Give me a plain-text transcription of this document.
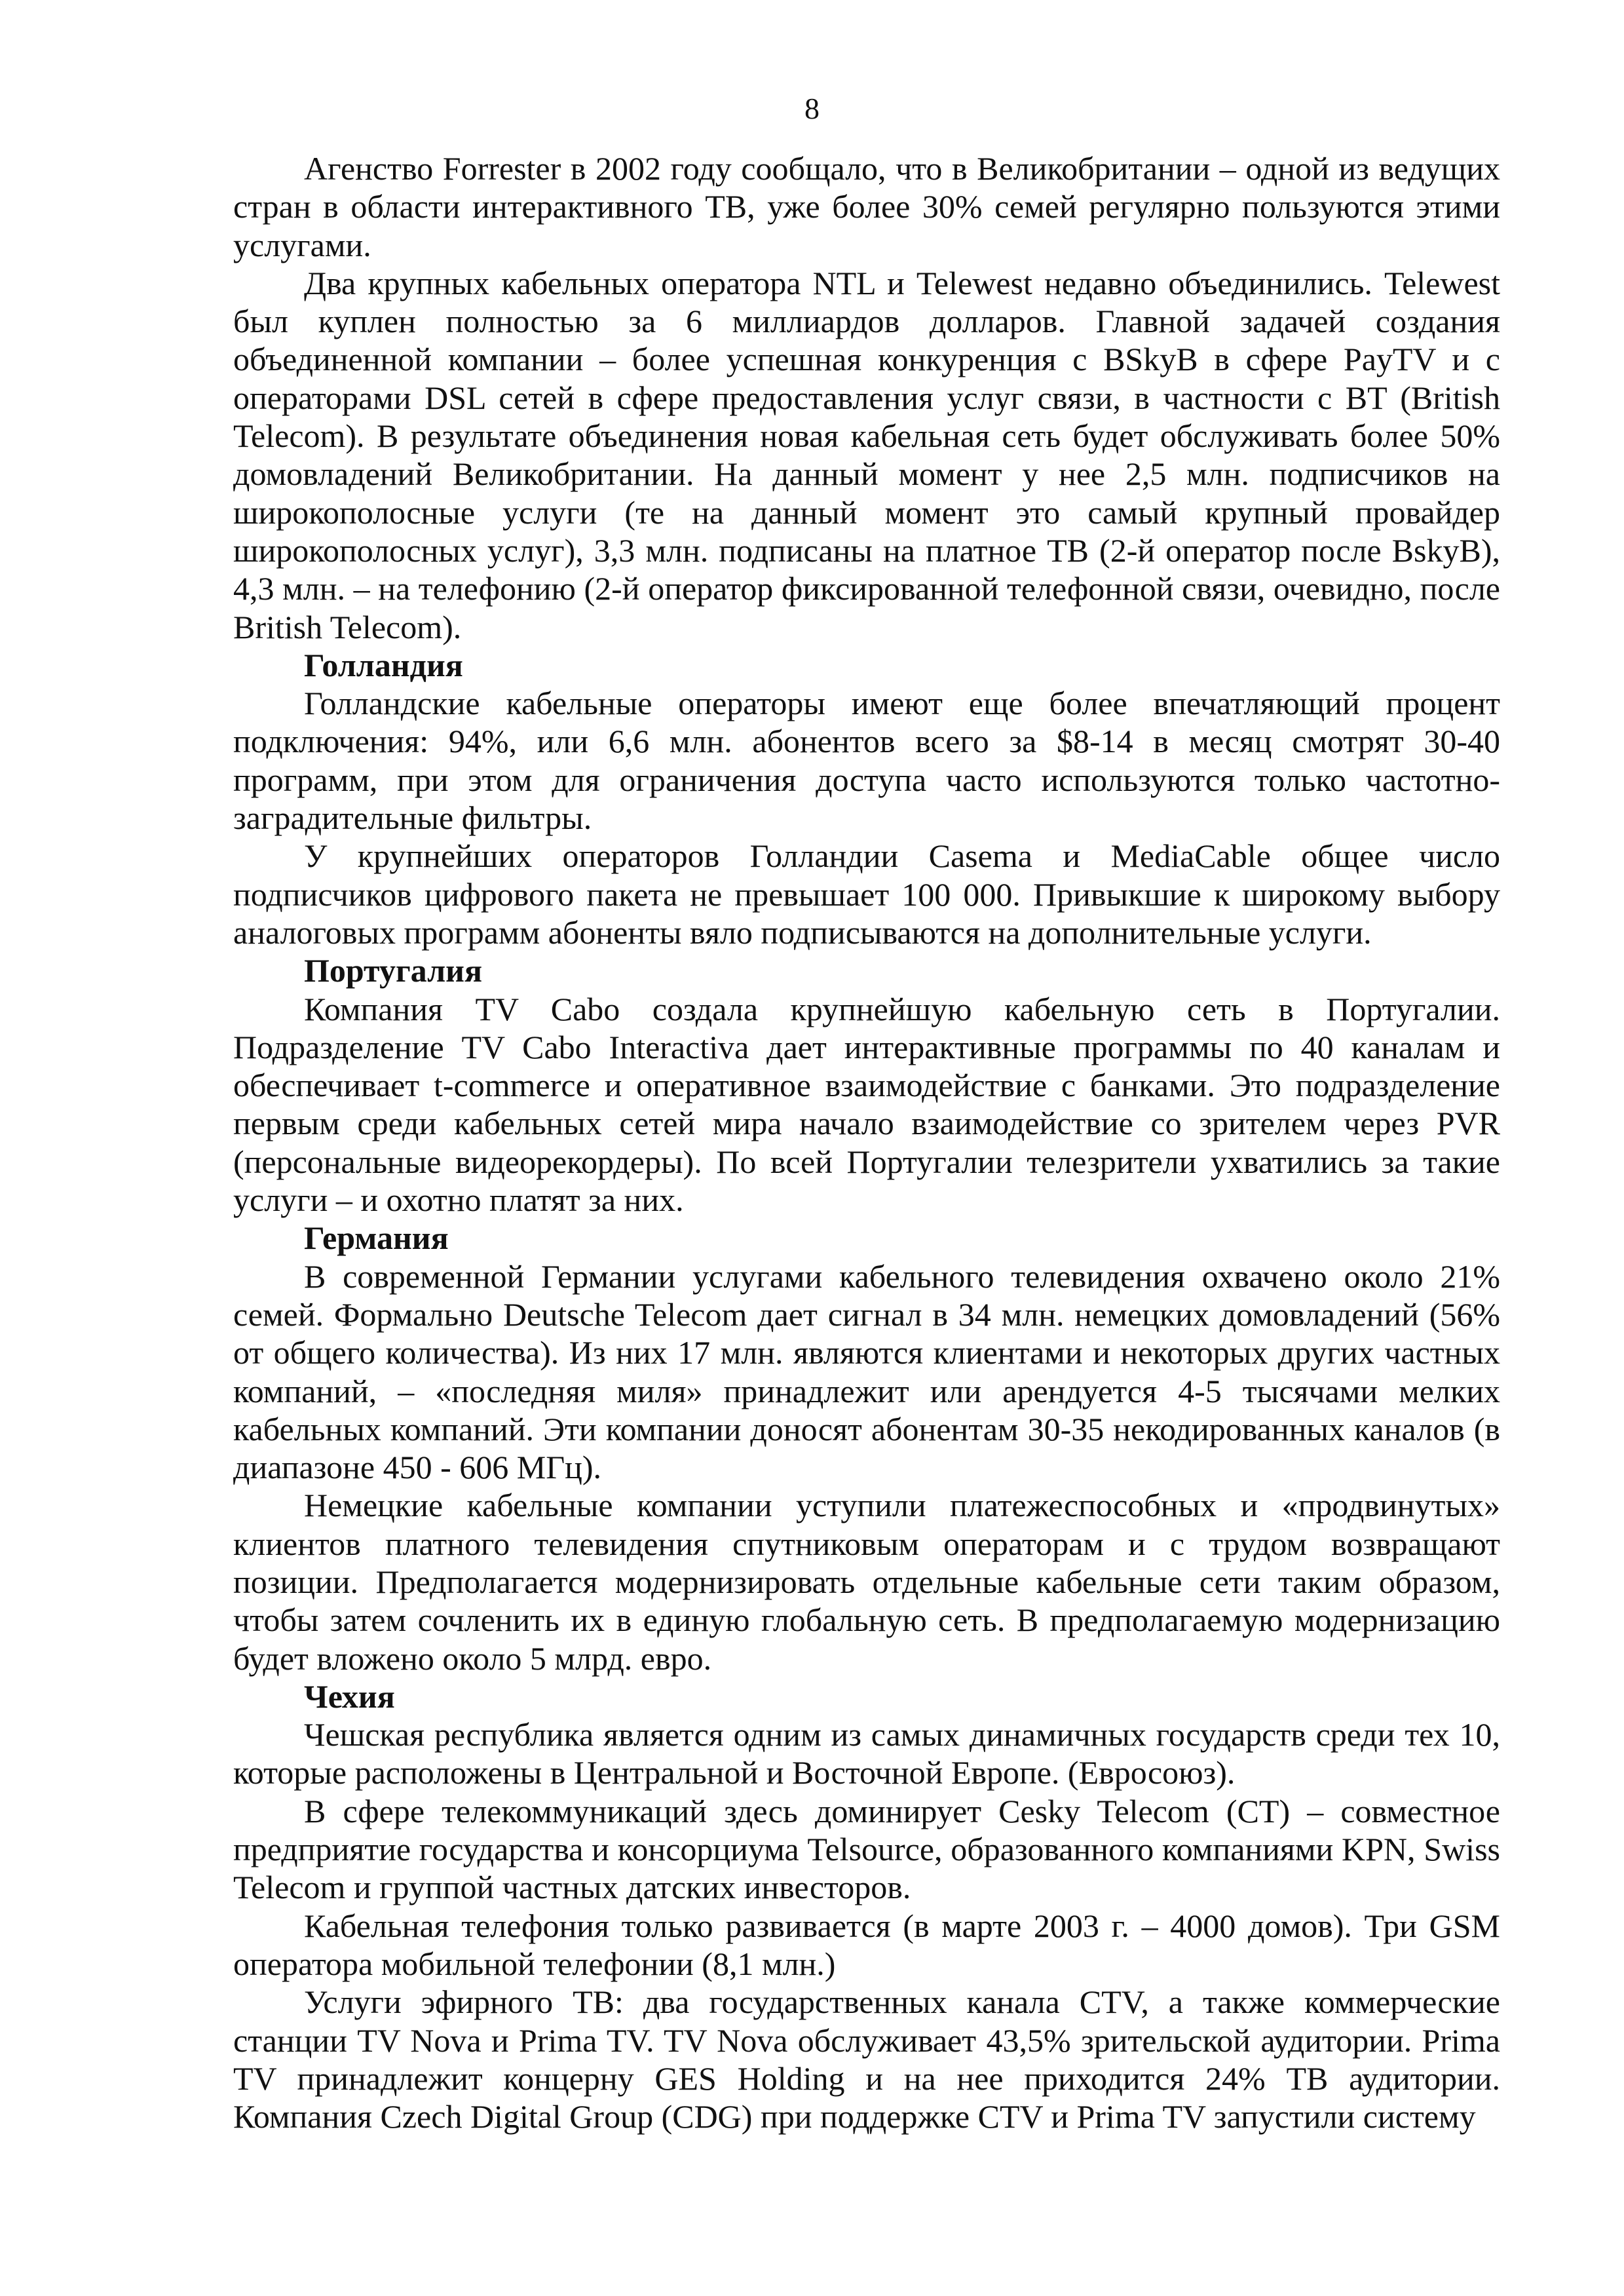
8

Агенство Forrester в 2002 году сообщало, что в Великобритании – одной из ведущих стран в области интерактивного ТВ, уже более 30% семей регулярно пользуются этими услугами.

Два крупных кабельных оператора NTL и Telewest недавно объединились. Telewest был куплен полностью за 6 миллиардов долларов. Главной задачей создания объединенной компании – более успешная конкуренция с BSkyB в сфере PayTV и с операторами DSL сетей в сфере предоставления услуг связи, в частности с BT (British Telecom). В результате объединения новая кабельная сеть будет обслуживать более 50% домовладений Великобритании. На данный момент у нее 2,5 млн. подписчиков на широкополосные услуги (те на данный момент это самый крупный провайдер широкополосных услуг), 3,3 млн. подписаны на платное ТВ (2-й оператор после BskyB), 4,3 млн. – на телефонию (2-й оператор фиксированной телефонной связи, очевидно, после British Telecom).

Голландия

Голландские кабельные операторы имеют еще более впечатляющий процент подключения: 94%, или 6,6 млн. абонентов всего за $8-14 в месяц смотрят 30-40 программ, при этом для ограничения доступа часто используются только частотно-заградительные фильтры.

У крупнейших операторов Голландии Casema и MediaCable общее число подписчиков цифрового пакета не превышает 100 000. Привыкшие к широкому выбору аналоговых программ абоненты вяло подписываются на дополнительные услуги.

Португалия

Компания TV Cabo создала крупнейшую кабельную сеть в Португалии. Подразделение TV Cabo Interactiva дает интерактивные программы по 40 каналам и обеспечивает t-commerce и оперативное взаимодействие с банками. Это подразделение первым среди кабельных сетей мира начало взаимодействие со зрителем через PVR (персональные видеорекордеры). По всей Португалии телезрители ухватились за такие услуги – и охотно платят за них.

Германия

В современной Германии услугами кабельного телевидения охвачено около 21% семей. Формально Deutsche Telecom дает сигнал в 34 млн. немецких домовладений (56% от общего количества). Из них 17 млн. являются клиентами и некоторых других частных компаний, – «последняя миля» принадлежит или арендуется 4-5 тысячами мелких кабельных компаний. Эти компании доносят абонентам 30-35 некодированных каналов (в диапазоне 450 - 606 МГц).

Немецкие кабельные компании уступили платежеспособных и «продвинутых» клиентов платного телевидения спутниковым операторам и с трудом возвращают позиции. Предполагается модернизировать отдельные кабельные сети таким образом, чтобы затем сочленить их в единую глобальную сеть. В предполагаемую модернизацию будет вложено около 5 млрд. евро.

Чехия

Чешская республика является одним из самых динамичных государств среди тех 10, которые расположены в Центральной и Восточной Европе. (Евросоюз).

В сфере телекоммуникаций здесь доминирует Cesky Telecom (CT) – совместное предприятие государства и консорциума Telsource, образованного компаниями KPN, Swiss Telecom и группой частных датских инвесторов.

Кабельная телефония только развивается (в марте 2003 г. – 4000 домов). Три GSM оператора мобильной телефонии (8,1 млн.)

Услуги эфирного ТВ: два государственных канала CTV, а также коммерческие станции TV Nova и Prima TV. TV Nova обслуживает 43,5% зрительской аудитории. Prima TV принадлежит концерну GES Holding и на нее приходится 24% ТВ аудитории. Компания Czech Digital Group (CDG) при поддержке CTV и Prima TV запустили систему
